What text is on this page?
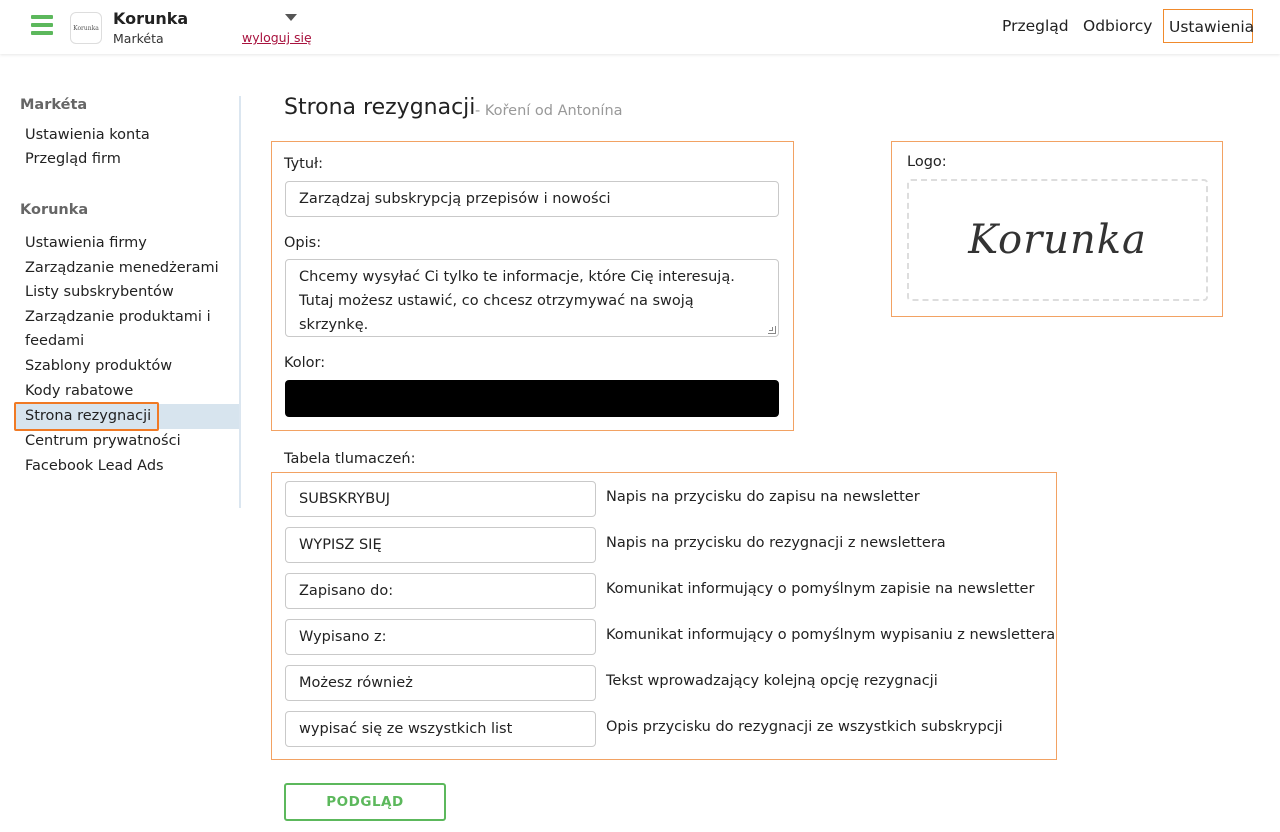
Korunka Korunka
Markéta	wyloguj się
Przegląd Odbiorcy	Ustawienia
Markéta
Ustawienia konta
Przegląd firm
Korunka
Ustawienia firmy
Zarządzanie menedżerami
Listy subskrybentów
Zarządzanie produktami i feedami
Szablony produktów
Kody rabatowe
Strona rezygnacji
Centrum prywatności
Facebook Lead Ads
Strona rezygnacji - Koření od Antonína
Tytuł:
Zarządzaj subskrypcją przepisów i nowości
Opis:
Chcemy wysyłać Ci tylko te informacje, które Cię interesują. Tutaj możesz ustawić, co chcesz otrzymywać na swoją skrzynkę.
Kolor:
Logo:
Korunka
Tabela tlumaczeń:
SUBSKRYBUJ	Napis na przycisku do zapisu na newsletter
WYPISZ SIĘ	Napis na przycisku do rezygnacji z newslettera
Zapisano do:	Komunikat informujący o pomyślnym zapisie na newsletter
Wypisano z:	Komunikat informujący o pomyślnym wypisaniu z newslettera
Możesz również	Tekst wprowadzający kolejną opcję rezygnacji
wypisać się ze wszystkich list	Opis przycisku do rezygnacji ze wszystkich subskrypcji
PODGLĄD
